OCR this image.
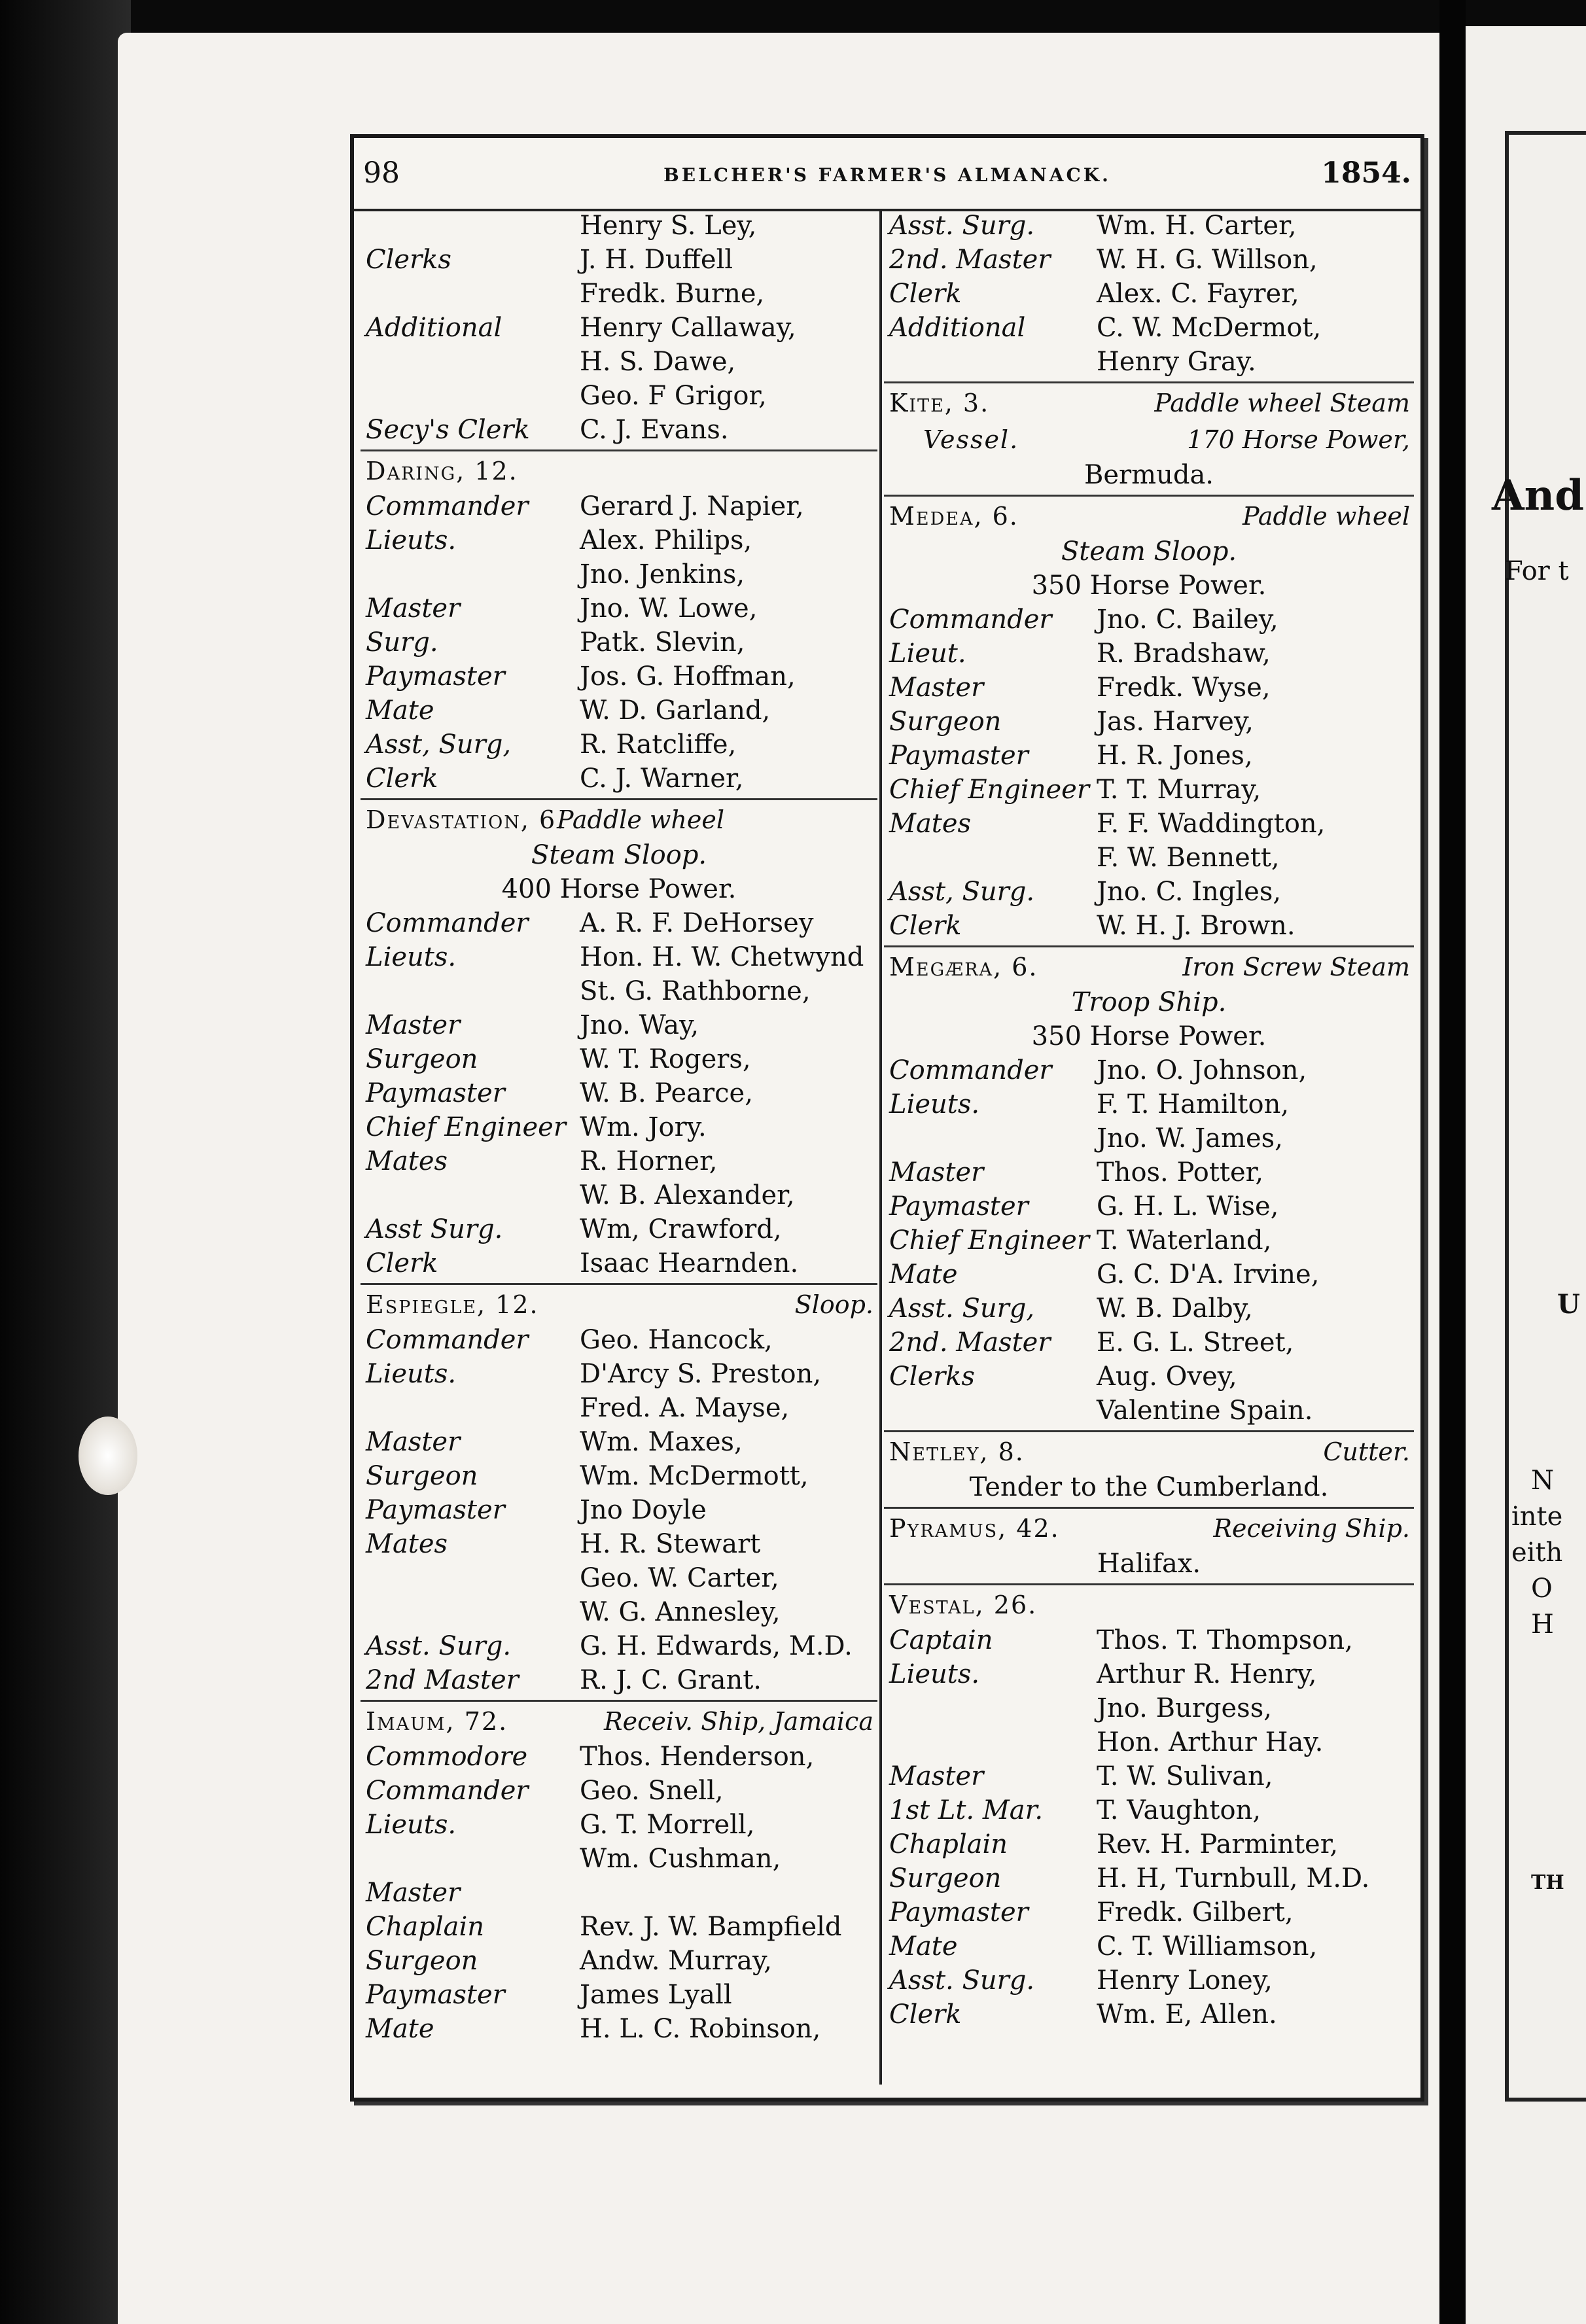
And
For t
U
N
inte
eith
O
H
TH
98	BELCHER'S FARMER'S ALMANACK.	1854.
Henry S. Ley,
Clerks	J. H. Duffell
Fredk. Burne,
Additional	Henry Callaway,
H. S. Dawe,
Geo. F Grigor,
Secy's Clerk C. J. Evans.
Daring, 12.
Commander Gerard J. Napier,
Lieuts.	Alex. Philips,
Jno. Jenkins,
Master	Jno. W. Lowe,
Surg.	Patk. Slevin,
Paymaster	Jos. G. Hoffman,
Mate	W. D. Garland,
Asst, Surg,	R. Ratcliffe,
Clerk	C. J. Warner,
Devastation, 6.
Paddle wheel
Steam Sloop.
400 Horse Power.
Commander A. R. F. DeHorsey
Lieuts.	Hon. H. W. Chetwynd
St. G. Rathborne,
Master	Jno. Way,
Surgeon	W. T. Rogers,
Paymaster	W. B. Pearce,
Chief Engineer Wm. Jory.
Mates	R. Horner,
W. B. Alexander,
Asst Surg.	Wm, Crawford,
Clerk	Isaac Hearnden.
Espiegle, 12.	Sloop.
Commander Geo. Hancock,
Lieuts.	D'Arcy S. Preston,
Fred. A. Mayse,
Master	Wm. Maxes,
Surgeon	Wm. McDermott,
Paymaster	Jno Doyle
Mates	H. R. Stewart
Geo. W. Carter,
W. G. Annesley,
Asst. Surg.	G. H. Edwards, M.D.
2nd Master R. J. C. Grant.
Imaum, 72.	Receiv. Ship, Jamaica
Commodore Thos. Henderson,
Commander Geo. Snell,
Lieuts.	G. T. Morrell,
Wm. Cushman,
Master
Chaplain	Rev. J. W. Bampfield
Surgeon	Andw. Murray,
Paymaster	James Lyall
Mate	H. L. C. Robinson,
Asst. Surg. Wm. H. Carter,
2nd. Master W. H. G. Willson,
Clerk	Alex. C. Fayrer,
Additional	C. W. McDermot,
Henry Gray.
Kite, 3.	Paddle wheel Steam
Vessel.	170 Horse Power,
Bermuda.
Medea, 6.	Paddle wheel
Steam Sloop.
350 Horse Power.
Commander Jno. C. Bailey,
Lieut.	R. Bradshaw,
Master	Fredk. Wyse,
Surgeon	Jas. Harvey,
Paymaster	H. R. Jones,
Chief Engineer T. T. Murray,
Mates	F. F. Waddington,
F. W. Bennett,
Asst, Surg. Jno. C. Ingles,
Clerk	W. H. J. Brown.
Megæra, 6.	Iron Screw Steam
Troop Ship.
350 Horse Power.
Commander Jno. O. Johnson,
Lieuts.	F. T. Hamilton,
Jno. W. James,
Master	Thos. Potter,
Paymaster	G. H. L. Wise,
Chief Engineer T. Waterland,
Mate	G. C. D'A. Irvine,
Asst. Surg, W. B. Dalby,
2nd. Master E. G. L. Street,
Clerks	Aug. Ovey,
Valentine Spain.
Netley, 8.	Cutter.
Tender to the Cumberland.
Pyramus, 42.	Receiving Ship.
Halifax.
Vestal, 26.
Captain	Thos. T. Thompson,
Lieuts.	Arthur R. Henry,
Jno. Burgess,
Hon. Arthur Hay.
Master	T. W. Sulivan,
1st Lt. Mar. T. Vaughton,
Chaplain	Rev. H. Parminter,
Surgeon	H. H, Turnbull, M.D.
Paymaster	Fredk. Gilbert,
Mate	C. T. Williamson,
Asst. Surg. Henry Loney,
Clerk	Wm. E, Allen.
